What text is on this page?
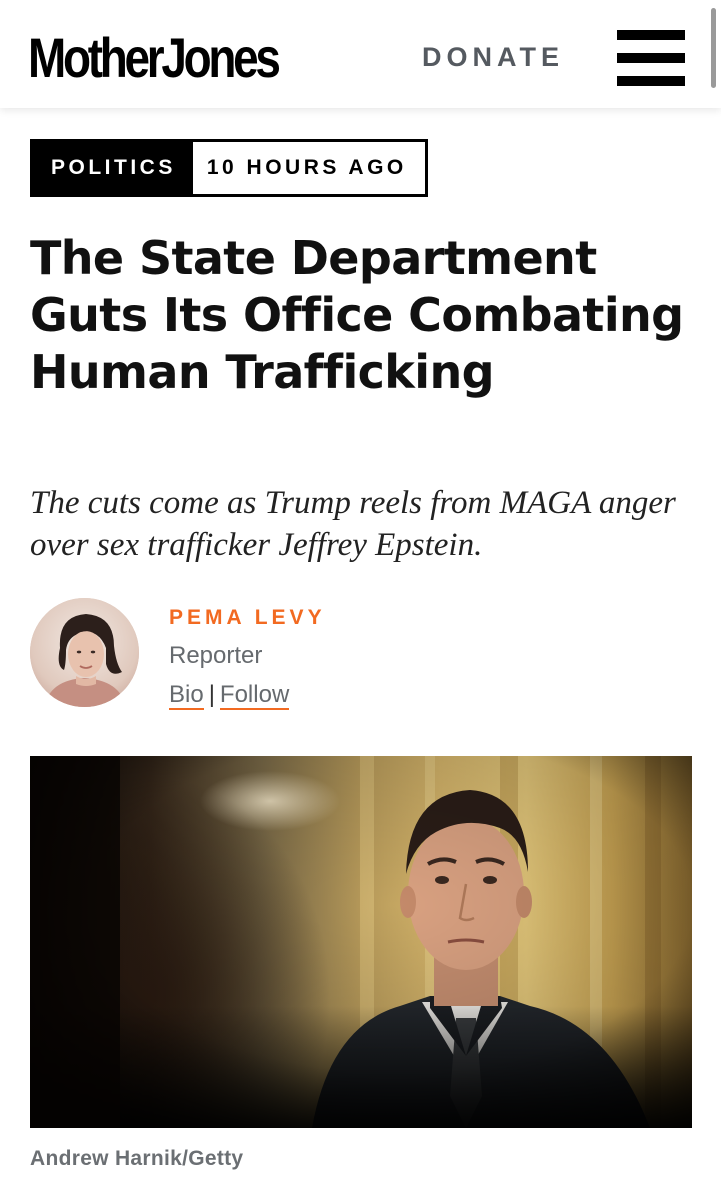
MotherJones	DONATE
POLITICS	10 HOURS AGO
The State Department Guts Its Office Combating Human Trafficking

The cuts come as Trump reels from MAGA anger over sex trafficker Jeffrey Epstein.

PEMA LEVY
Reporter
Bio | Follow
Andrew Harnik/Getty
